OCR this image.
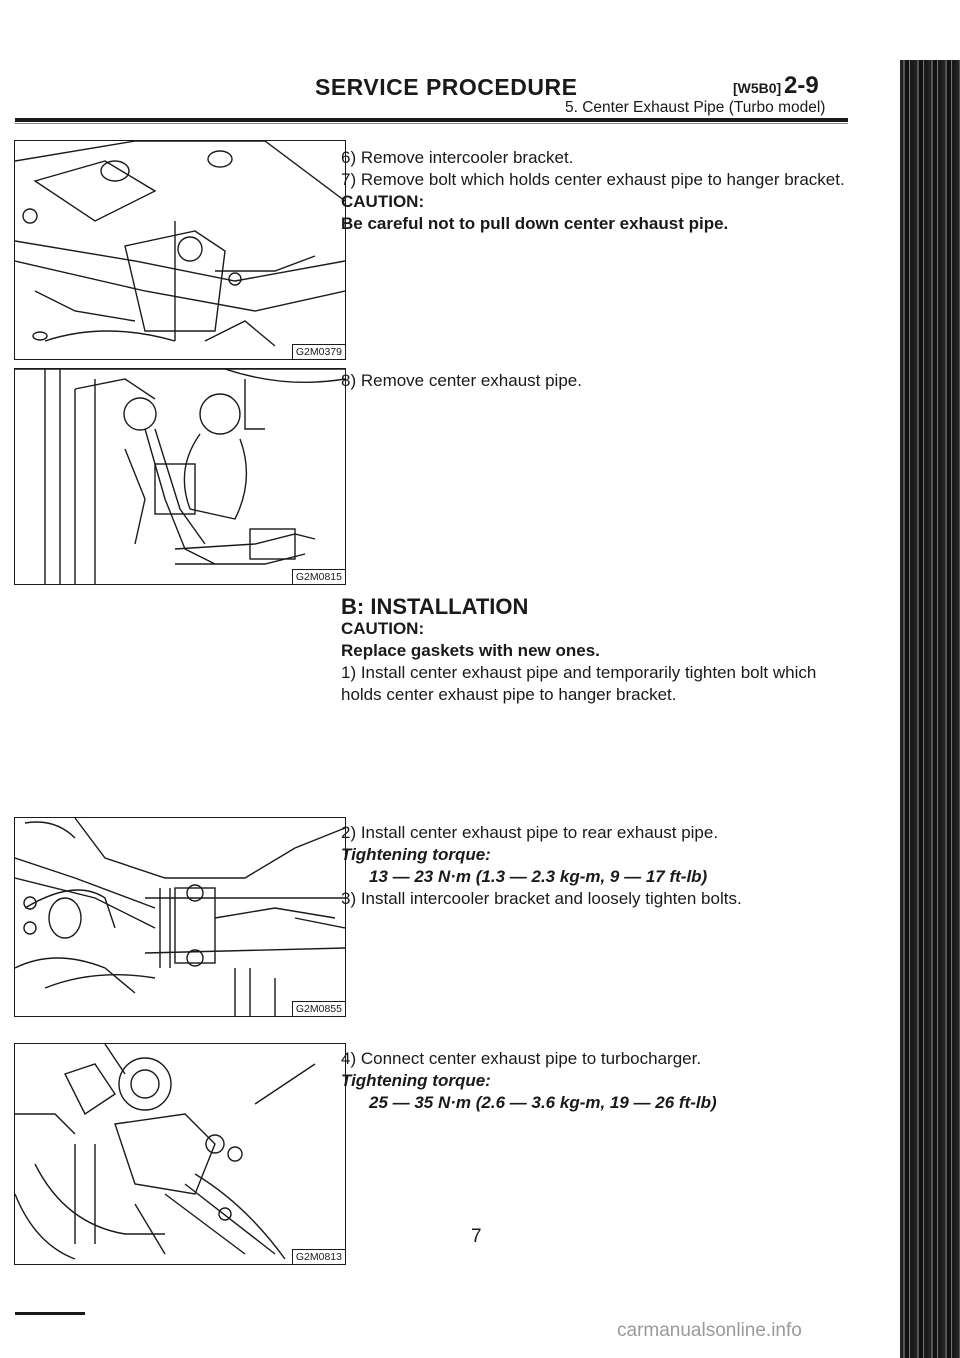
SERVICE PROCEDURE	[W5B0] 2-9
5. Center Exhaust Pipe (Turbo model)
G2M0379
G2M0815
G2M0855
G2M0813

6) Remove intercooler bracket.

7) Remove bolt which holds center exhaust pipe to hanger bracket.

CAUTION:

Be careful not to pull down center exhaust pipe.

8) Remove center exhaust pipe.

B: INSTALLATION

CAUTION:

Replace gaskets with new ones.

1) Install center exhaust pipe and temporarily tighten bolt which holds center exhaust pipe to hanger bracket.

2) Install center exhaust pipe to rear exhaust pipe.

Tightening torque:

13 — 23 N·m (1.3 — 2.3 kg-m, 9 — 17 ft-lb)

3) Install intercooler bracket and loosely tighten bolts.

4) Connect center exhaust pipe to turbocharger.

Tightening torque:

25 — 35 N·m (2.6 — 3.6 kg-m, 19 — 26 ft-lb)

7
carmanualsonline.info
